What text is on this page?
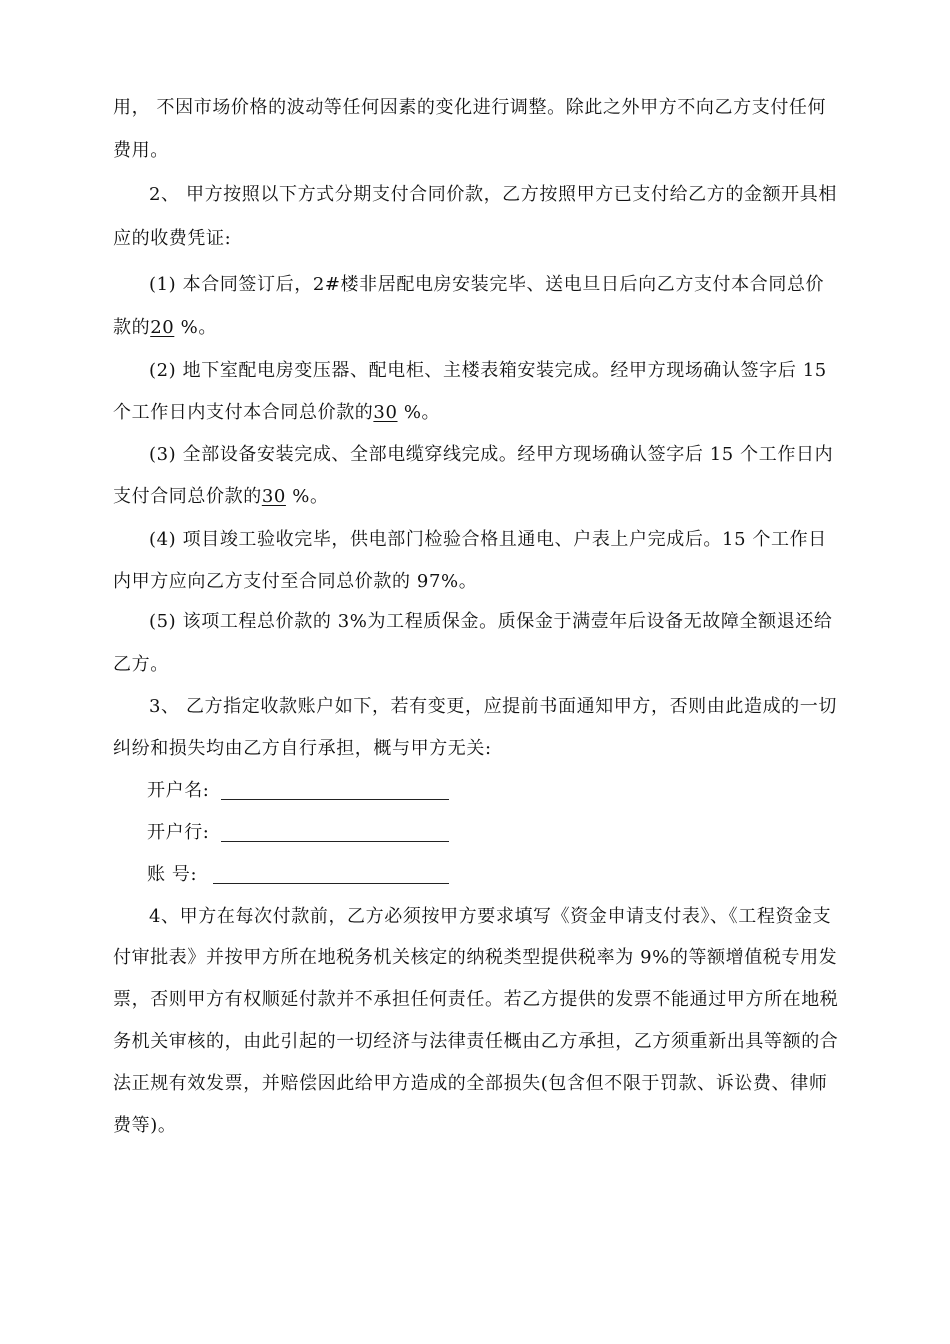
用， 不因市场价格的波动等任何因素的变化进行调整。除此之外甲方不向乙方支付任何
费用。
2、 甲方按照以下方式分期支付合同价款，乙方按照甲方已支付给乙方的金额开具相
应的收费凭证:
(1) 本合同签订后，2#楼非居配电房安装完毕、送电旦日后向乙方支付本合同总价
款的20 %。
(2) 地下室配电房变压器、配电柜、主楼表箱安装完成。经甲方现场确认签字后 15
个工作日内支付本合同总价款的30 %。
(3) 全部设备安装完成、全部电缆穿线完成。经甲方现场确认签字后 15 个工作日内
支付合同总价款的30 %。
(4) 项目竣工验收完毕，供电部门检验合格且通电、户表上户完成后。15 个工作日
内甲方应向乙方支付至合同总价款的 97%。
(5) 该项工程总价款的 3%为工程质保金。质保金于满壹年后设备无故障全额退还给
乙方。
3、 乙方指定收款账户如下，若有变更，应提前书面通知甲方，否则由此造成的一切
纠纷和损失均由乙方自行承担，概与甲方无关:
开户名:
开户行:
账 号:
4、甲方在每次付款前，乙方必须按甲方要求填写《资金申请支付表》、《工程资金支
付审批表》并按甲方所在地税务机关核定的纳税类型提供税率为 9%的等额增值税专用发
票，否则甲方有权顺延付款并不承担任何责任。若乙方提供的发票不能通过甲方所在地税
务机关审核的，由此引起的一切经济与法律责任概由乙方承担，乙方须重新出具等额的合
法正规有效发票，并赔偿因此给甲方造成的全部损失(包含但不限于罚款、诉讼费、律师
费等)。
